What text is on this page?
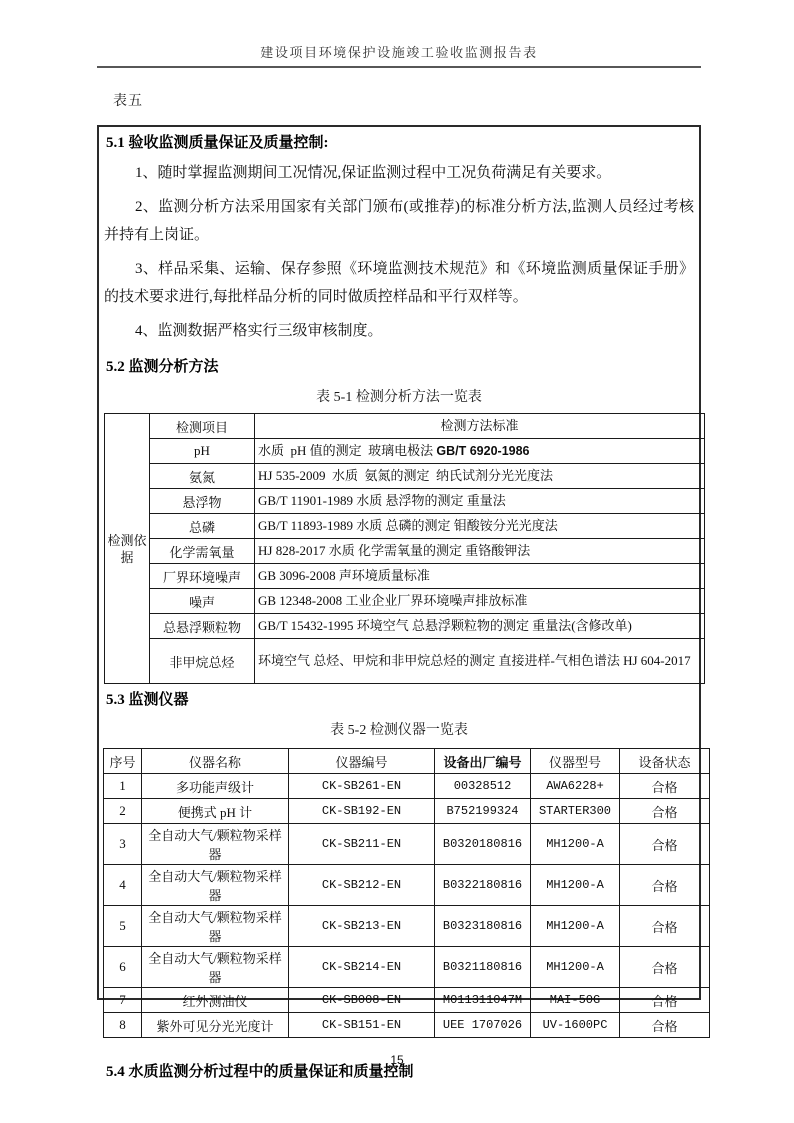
建设项目环境保护设施竣工验收监测报告表
表五
5.1 验收监测质量保证及质量控制:
1、随时掌握监测期间工况情况,保证监测过程中工况负荷满足有关要求。
2、监测分析方法采用国家有关部门颁布(或推荐)的标准分析方法,监测人员经过考核并持有上岗证。
3、样品采集、运输、保存参照《环境监测技术规范》和《环境监测质量保证手册》的技术要求进行,每批样品分析的同时做质控样品和平行双样等。
4、监测数据严格实行三级审核制度。
5.2 监测分析方法
表 5-1 检测分析方法一览表
检测依据	检测项目	检测方法标准
	pH	水质  pH 值的测定  玻璃电极法 GB/T 6920-1986
	氨氮	HJ 535-2009  水质  氨氮的测定  纳氏试剂分光光度法
	悬浮物	GB/T 11901-1989 水质 悬浮物的测定 重量法
	总磷	GB/T 11893-1989 水质 总磷的测定 钼酸铵分光光度法
	化学需氧量	HJ 828-2017 水质 化学需氧量的测定 重铬酸钾法
	厂界环境噪声	GB 3096-2008 声环境质量标准
	噪声	GB 12348-2008 工业企业厂界环境噪声排放标准
	总悬浮颗粒物	GB/T 15432-1995 环境空气 总悬浮颗粒物的测定 重量法(含修改单)
	非甲烷总烃	环境空气 总烃、甲烷和非甲烷总烃的测定 直接进样-气相色谱法 HJ 604-2017
5.3 监测仪器
表 5-2 检测仪器一览表
序号	仪器名称	仪器编号	设备出厂编号	仪器型号	设备状态
1	多功能声级计	CK-SB261-EN	00328512	AWA6228+	合格
2	便携式 pH 计	CK-SB192-EN	B752199324	STARTER300	合格
3	全自动大气/颗粒物采样器	CK-SB211-EN	B0320180816	MH1200-A	合格
4	全自动大气/颗粒物采样器	CK-SB212-EN	B0322180816	MH1200-A	合格
5	全自动大气/颗粒物采样器	CK-SB213-EN	B0323180816	MH1200-A	合格
6	全自动大气/颗粒物采样器	CK-SB214-EN	B0321180816	MH1200-A	合格
7	红外测油仪	CK-SB008-EN	M011311047M	MAI-50G	合格
8	紫外可见分光光度计	CK-SB151-EN	UEE 1707026	UV-1600PC	合格
5.4 水质监测分析过程中的质量保证和质量控制
15
